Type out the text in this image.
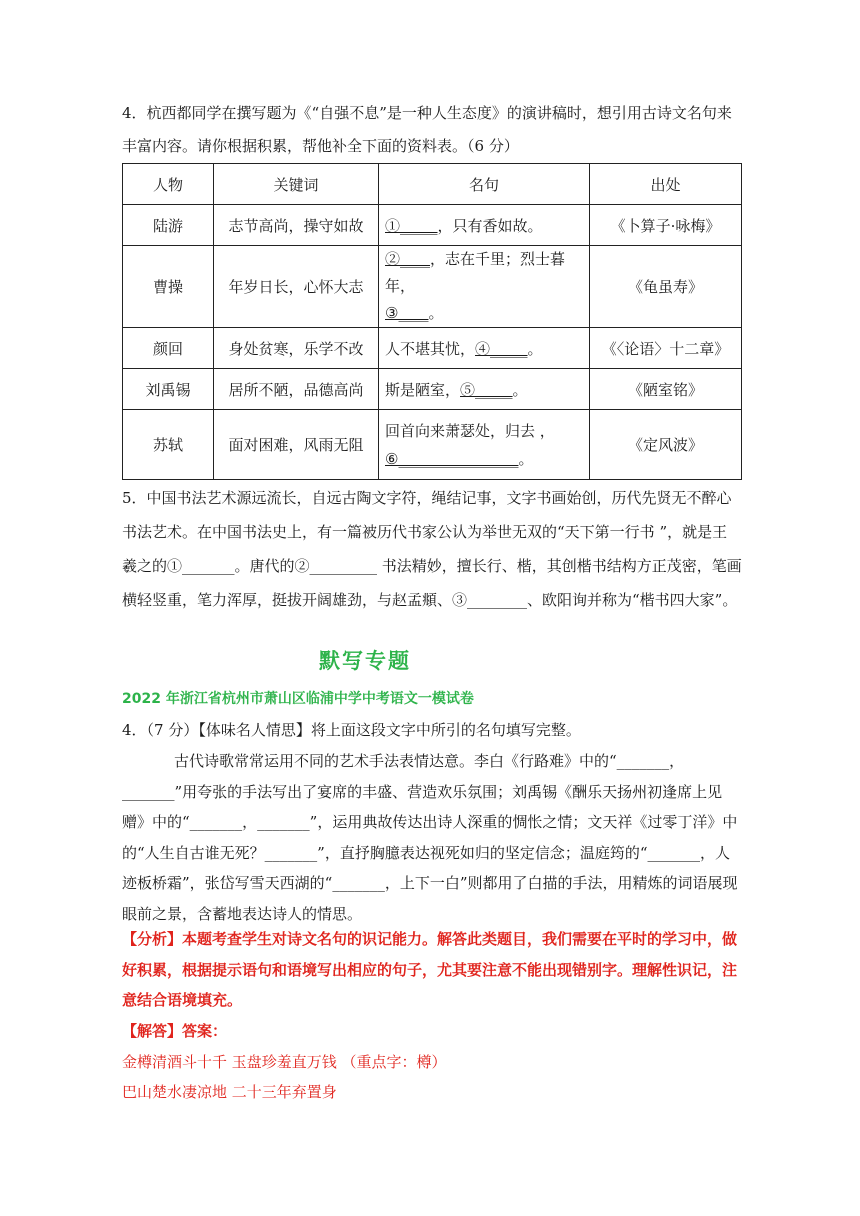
4．杭西都同学在撰写题为《“自强不息”是一种人生态度》的演讲稿时，想引用古诗文名句来丰富内容。请你根据积累，帮他补全下面的资料表。（6 分）

人物	关键词	名句	出处
陆游	志节高尚，操守如故	①_____，只有香如故。	《卜算子·咏梅》
曹操	年岁日长，心怀大志	②____，志在千里；烈士暮年，
③____。	《龟虽寿》
颜回	身处贫寒，乐学不改	人不堪其忧，④_____。	《〈论语〉十二章》
刘禹锡	居所不陋，品德高尚	斯是陋室，⑤_____。	《陋室铭》
苏轼	面对困难，风雨无阻	回首向来萧瑟处，归去 ，
⑥________________。	《定风波》

5．中国书法艺术源远流长，自远古陶文字符，绳结记事，文字书画始创，历代先贤无不醉心书法艺术。在中国书法史上，有一篇被历代书家公认为举世无双的“天下第一行书 ”，就是王羲之的①_______。唐代的②_________ 书法精妙，擅长行、楷，其创楷书结构方正茂密，笔画横轻竖重，笔力浑厚，挺拔开阔雄劲，与赵孟頫、③________、欧阳询并称为“楷书四大家”。

默写专题

2022 年浙江省杭州市萧山区临浦中学中考语文一模试卷

4．（7 分）【体味名人情思】将上面这段文字中所引的名句填写完整。

古代诗歌常常运用不同的艺术手法表情达意。李白《行路难》中的“_______，_______”用夸张的手法写出了宴席的丰盛、营造欢乐氛围；刘禹锡《酬乐天扬州初逢席上见赠》中的“_______，_______”，运用典故传达出诗人深重的惆怅之情；文天祥《过零丁洋》中的“人生自古谁无死？_______”，直抒胸臆表达视死如归的坚定信念；温庭筠的“_______，人迹板桥霜”，张岱写雪天西湖的“_______，上下一白”则都用了白描的手法，用精炼的词语展现眼前之景，含蓄地表达诗人的情思。

【分析】本题考查学生对诗文名句的识记能力。解答此类题目，我们需要在平时的学习中，做好积累，根据提示语句和语境写出相应的句子，尤其要注意不能出现错别字。理解性识记，注意结合语境填充。

【解答】答案：

金樽清酒斗十千 玉盘珍羞直万钱 （重点字：樽）

巴山楚水凄凉地 二十三年弃置身
